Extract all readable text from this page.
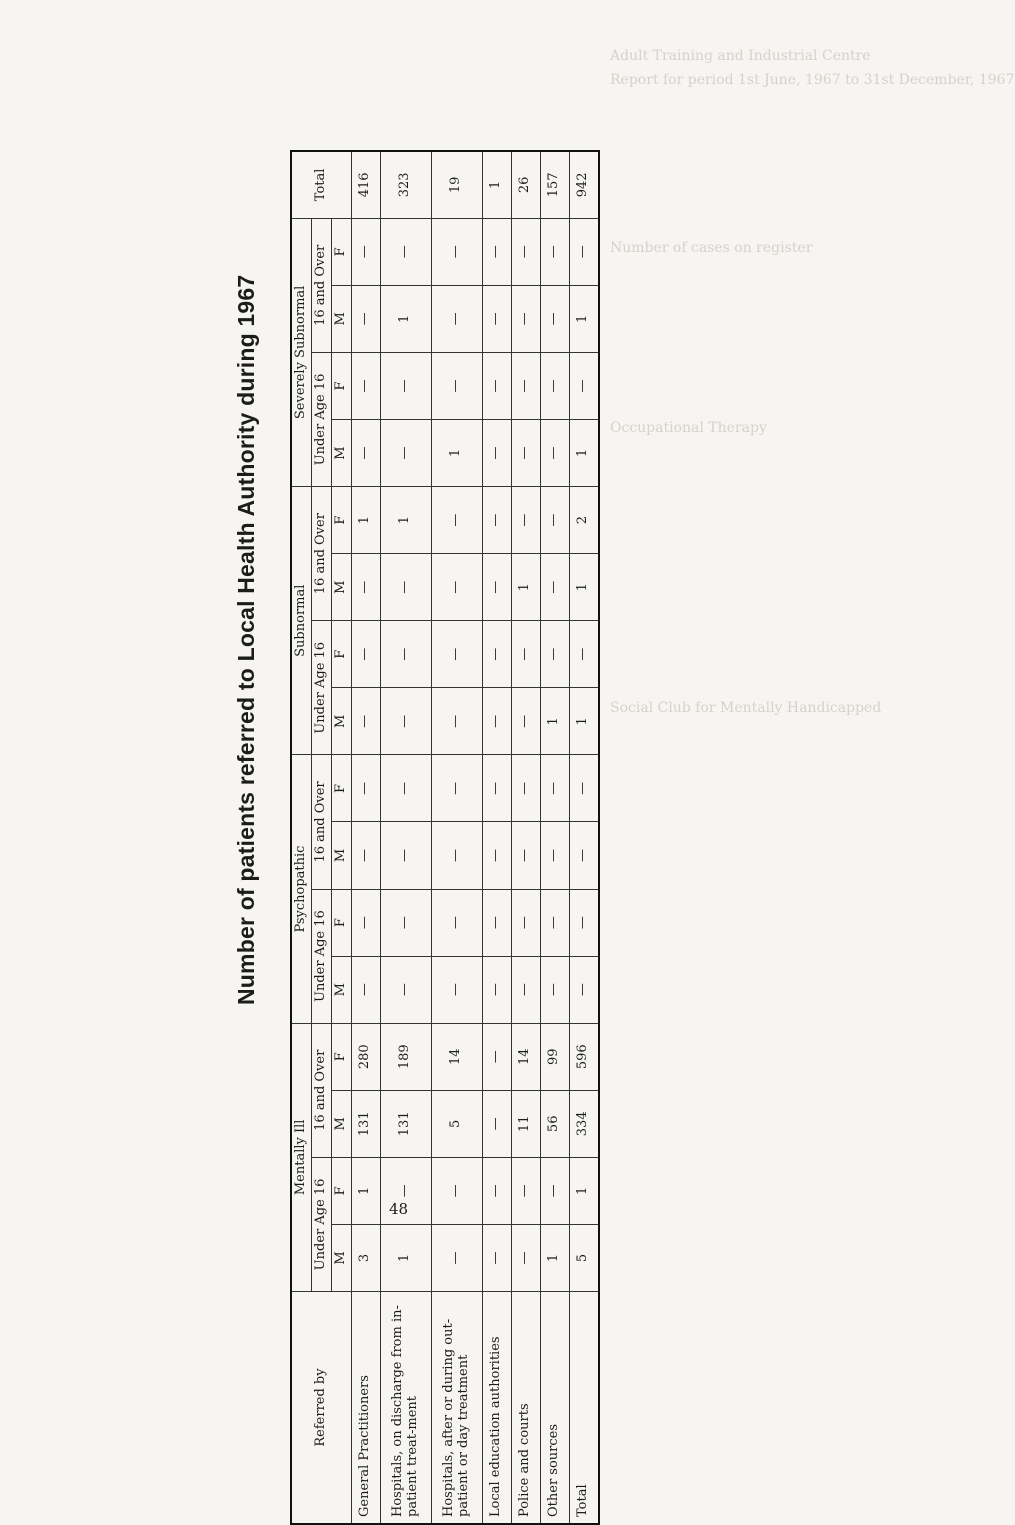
Adult Training and Industrial Centre
Report for period 1st June, 1967 to 31st December, 1967
Number of cases on register
Occupational Therapy
Social Club for Mentally Handicapped
Number of patients referred to Local Health Authority during 1967
Referred by	Mentally Ill				Psychopathic				Subnormal				Severely Subnormal				Total
	Under Age 16		16 and Over		Under Age 16		16 and Over		Under Age 16		16 and Over		Under Age 16		16 and Over		
	M	F	M	F	M	F	M	F	M	F	M	F	M	F	M	F	
General Practitioners	3	1	131	280	—	—	—	—	—	—	—	1	—	—	—	—	416
Hospitals, on discharge from in-patient treat-ment	1	—	131	189	—	—	—	—	—	—	—	1	—	—	1	—	323
Hospitals, after or during out-patient or day treatment	—	—	5	14	—	—	—	—	—	—	—	—	1	—	—	—	19
Local education authorities	—	—	—	—	—	—	—	—	—	—	—	—	—	—	—	—	1
Police and courts	—	—	11	14	—	—	—	—	—	—	1	—	—	—	—	—	26
Other sources	1	—	56	99	—	—	—	—	1	—	—	—	—	—	—	—	157
Total	5	1	334	596	—	—	—	—	1	—	1	2	1	—	1	—	942
48
